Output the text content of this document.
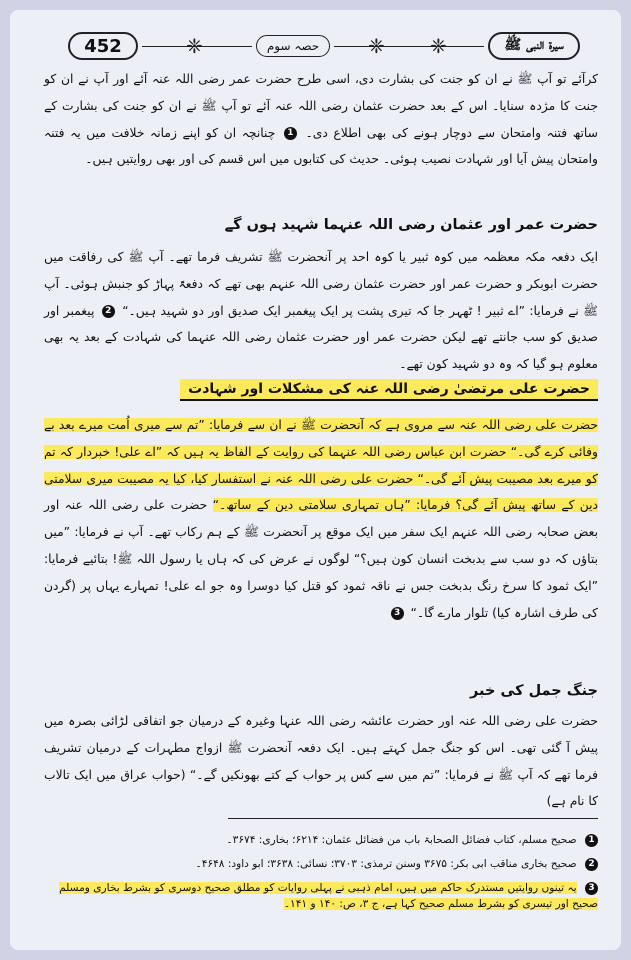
452	❈	حصہ سوم	❈ ❈	سیرۃ النبی ﷺ
کرآئے تو آپ ﷺ نے ان کو جنت کی بشارت دی، اسی طرح حضرت عمر رضی اللہ عنہ آئے اور آپ نے ان کو جنت کا مژدہ سنایا۔ اس کے بعد حضرت عثمان رضی اللہ عنہ آئے تو آپ ﷺ نے ان کو جنت کی بشارت کے ساتھ فتنہ وامتحان سے دوچار ہونے کی بھی اطلاع دی۔ 1 چنانچہ ان کو اپنے زمانہ خلافت میں یہ فتنہ وامتحان پیش آیا اور شہادت نصیب ہوئی۔ حدیث کی کتابوں میں اس قسم کی اور بھی روایتیں ہیں۔
حضرت عمر اور عثمان رضی اللہ عنہما شہید ہوں گے
ایک دفعہ مکہ معظمہ میں کوہ ثبیر یا کوہ احد پر آنحضرت ﷺ تشریف فرما تھے۔ آپ ﷺ کی رفاقت میں حضرت ابوبکر و حضرت عمر اور حضرت عثمان رضی اللہ عنہم بھی تھے کہ دفعۃً پہاڑ کو جنبش ہوئی۔ آپ ﷺ نے فرمایا: ”اے ثبیر ! ٹھہر جا کہ تیری پشت پر ایک پیغمبر ایک صدیق اور دو شہید ہیں۔“ 2 پیغمبر اور صدیق کو سب جانتے تھے لیکن حضرت عمر اور حضرت عثمان رضی اللہ عنہما کی شہادت کے بعد یہ بھی معلوم ہو گیا کہ وہ دو شہید کون تھے۔
حضرت علی مرتضیٰ رضی اللہ عنہ کی مشکلات اور شہادت
حضرت علی رضی اللہ عنہ سے مروی ہے کہ آنحضرت ﷺ نے ان سے فرمایا: ”تم سے میری اُمت میرے بعد بے وفائی کرے گی۔“ حضرت ابن عباس رضی اللہ عنہما کی روایت کے الفاظ یہ ہیں کہ ”اے علی! خبردار کہ تم کو میرے بعد مصیبت پیش آئے گی۔“ حضرت علی رضی اللہ عنہ نے استفسار کیا، کیا یہ مصیبت میری سلامتی دین کے ساتھ پیش آئے گی؟ فرمایا: ”ہاں تمہاری سلامتی دین کے ساتھ۔“ حضرت علی رضی اللہ عنہ اور بعض صحابہ رضی اللہ عنہم ایک سفر میں ایک موقع پر آنحضرت ﷺ کے ہم رکاب تھے۔ آپ نے فرمایا: ”میں بتاؤں کہ دو سب سے بدبخت انسان کون ہیں؟“ لوگوں نے عرض کی کہ ہاں یا رسول اللہ ﷺ! بتائیے فرمایا: ”ایک ثمود کا سرخ رنگ بدبخت جس نے ناقہ ثمود کو قتل کیا دوسرا وہ جو اے علی! تمہارے یہاں پر (گردن کی طرف اشارہ کیا) تلوار مارے گا۔“ 3
جنگ جمل کی خبر
حضرت علی رضی اللہ عنہ اور حضرت عائشہ رضی اللہ عنہا وغیرہ کے درمیان جو اتفاقی لڑائی بصرہ میں پیش آ گئی تھی۔ اس کو جنگ جمل کہتے ہیں۔ ایک دفعہ آنحضرت ﷺ ازواج مطہرات کے درمیان تشریف فرما تھے کہ آپ ﷺ نے فرمایا: ”تم میں سے کس پر حواب کے کتے بھونکیں گے۔“ (حواب عراق میں ایک تالاب کا نام ہے)
1 صحیح مسلم، کتاب فضائل الصحابۃ باب من فضائل عثمان: ۶۲۱۴؛ بخاری: ۳۶۷۴۔
2 صحیح بخاری مناقب ابی بکر: ۳۶۷۵ وسنن ترمذی: ۳۷۰۳؛ نسائی: ۳۶۳۸؛ ابو داود: ۴۶۴۸۔
3 یہ تینوں روایتیں مستدرک حاکم میں ہیں، امام ذہبی نے پہلی روایات کو مطلق صحیح دوسری کو بشرط بخاری ومسلم صحیح اور تیسری کو بشرط مسلم صحیح کہا ہے، ج ۳، ص: ۱۴۰ و ۱۴۱۔
